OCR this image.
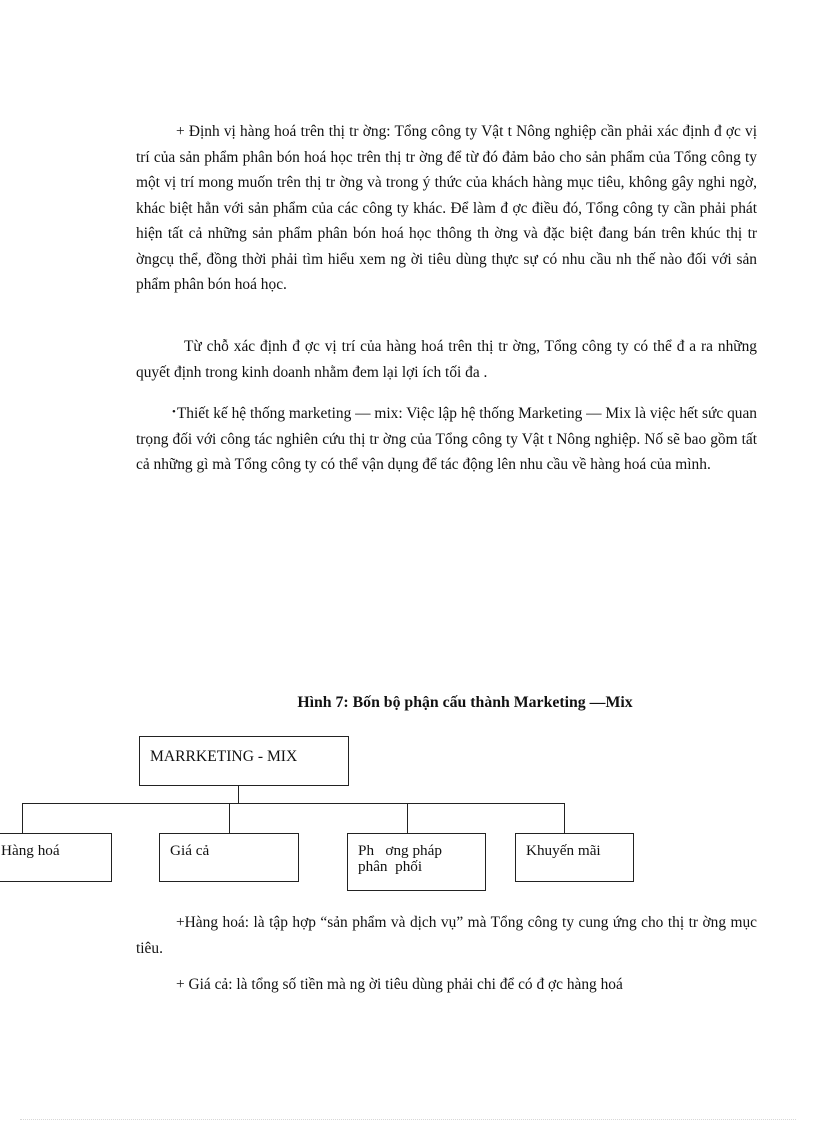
+ Định vị hàng hoá trên thị tr ờng: Tổng công ty Vật t Nông nghiệp cần phải xác định đ ợc vị trí của sản phẩm phân bón hoá học trên thị tr ờng để từ đó đảm bảo cho sản phẩm của Tổng công ty một vị trí mong muốn trên thị tr ờng và trong ý thức của khách hàng mục tiêu, không gây nghi ngờ, khác biệt hẳn với sản phẩm của các công ty khác. Để làm đ ợc điều đó, Tổng công ty cần phải phát hiện tất cả những sản phẩm phân bón hoá học thông th ờng và đặc biệt đang bán trên khúc thị tr ờngcụ thể, đồng thời phải tìm hiểu xem ng ời tiêu dùng thực sự có nhu cầu nh thế nào đối với sản phẩm phân bón hoá học.

Từ chỗ xác định đ ợc vị trí của hàng hoá trên thị tr ờng, Tổng công ty có thể đ a ra những quyết định trong kinh doanh nhằm đem lại lợi ích tối đa .

•Thiết kế hệ thống marketing — mix: Việc lập hệ thống Marketing — Mix là việc hết sức quan trọng đối với công tác nghiên cứu thị tr ờng của Tổng công ty Vật t Nông nghiệp. Nố sẽ bao gồm tất cả những gì mà Tổng công ty có thể vận dụng để tác động lên nhu cầu về hàng hoá của mình.

Hình 7: Bốn bộ phận cấu thành Marketing —Mix

MARRKETING - MIX
Hàng hoá	Giá cả	Ph   ơng pháp
phân  phối
Khuyến mãi

+Hàng hoá: là tập hợp “sản phẩm và dịch vụ” mà Tổng công ty cung ứng cho thị tr ờng mục tiêu.

+ Giá cả: là tổng số tiền mà ng ời tiêu dùng phải chi để có đ ợc hàng hoá
